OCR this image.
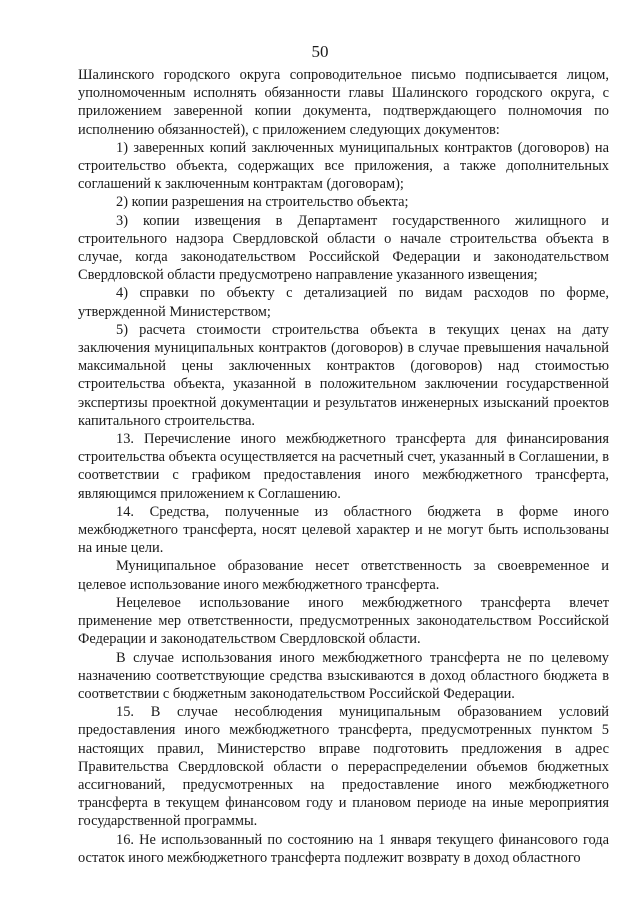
50

Шалинского городского округа сопроводительное письмо подписывается лицом, уполномоченным исполнять обязанности главы Шалинского городского округа, с приложением заверенной копии документа, подтверждающего полномочия по исполнению обязанностей), с приложением следующих документов:

1) заверенных копий заключенных муниципальных контрактов (договоров) на строительство объекта, содержащих все приложения, а также дополнительных соглашений к заключенным контрактам (договорам);

2) копии разрешения на строительство объекта;

3) копии извещения в Департамент государственного жилищного и строительного надзора Свердловской области о начале строительства объекта в случае, когда законодательством Российской Федерации и законодательством Свердловской области предусмотрено направление указанного извещения;

4) справки по объекту с детализацией по видам расходов по форме, утвержденной Министерством;

5) расчета стоимости строительства объекта в текущих ценах на дату заключения муниципальных контрактов (договоров) в случае превышения начальной максимальной цены заключенных контрактов (договоров) над стоимостью строительства объекта, указанной в положительном заключении государственной экспертизы проектной документации и результатов инженерных изысканий проектов капитального строительства.

13. Перечисление иного межбюджетного трансферта для финансирования строительства объекта осуществляется на расчетный счет, указанный в Соглашении, в соответствии с графиком предоставления иного межбюджетного трансферта, являющимся приложением к Соглашению.

14. Средства, полученные из областного бюджета в форме иного межбюджетного трансферта, носят целевой характер и не могут быть использованы на иные цели.

Муниципальное образование несет ответственность за своевременное и целевое использование иного межбюджетного трансферта.

Нецелевое использование иного межбюджетного трансферта влечет применение мер ответственности, предусмотренных законодательством Российской Федерации и законодательством Свердловской области.

В случае использования иного межбюджетного трансферта не по целевому назначению соответствующие средства взыскиваются в доход областного бюджета в соответствии с бюджетным законодательством Российской Федерации.

15. В случае несоблюдения муниципальным образованием условий предоставления иного межбюджетного трансферта, предусмотренных пунктом 5 настоящих правил, Министерство вправе подготовить предложения в адрес Правительства Свердловской области о перераспределении объемов бюджетных ассигнований, предусмотренных на предоставление иного межбюджетного трансферта в текущем финансовом году и плановом периоде на иные мероприятия государственной программы.

16. Не использованный по состоянию на 1 января текущего финансового года остаток иного межбюджетного трансферта подлежит возврату в доход областного
